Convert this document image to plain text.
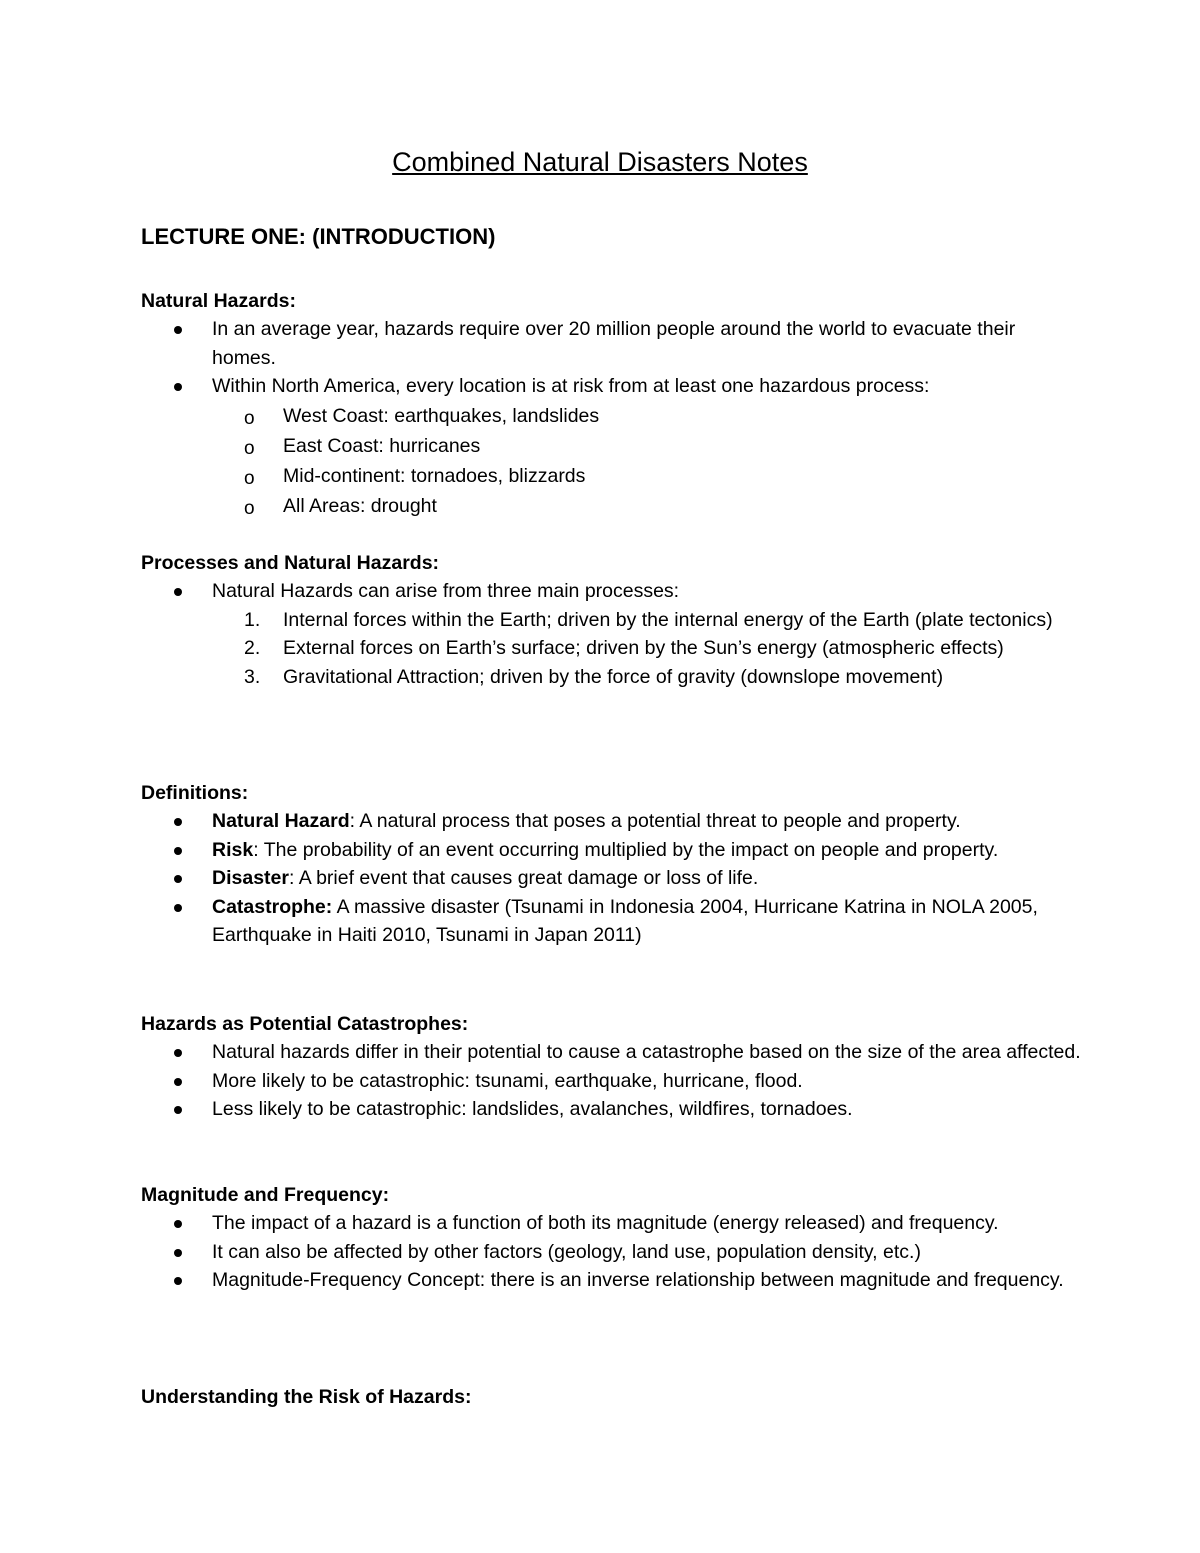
Combined Natural Disasters Notes
LECTURE ONE: (INTRODUCTION)

Natural Hazards:

In an average year, hazards require over 20 million people around the world to evacuate their homes.
Within North America, every location is at risk from at least one hazardous process:
o West Coast: earthquakes, landslides
o East Coast: hurricanes
o Mid-continent: tornadoes, blizzards
o All Areas: drought

Processes and Natural Hazards:

Natural Hazards can arise from three main processes:
1. Internal forces within the Earth; driven by the internal energy of the Earth (plate tectonics)
2. External forces on Earth’s surface; driven by the Sun’s energy (atmospheric effects)
3. Gravitational Attraction; driven by the force of gravity (downslope movement)

Definitions:

Natural Hazard: A natural process that poses a potential threat to people and property.
Risk: The probability of an event occurring multiplied by the impact on people and property.
Disaster: A brief event that causes great damage or loss of life.
Catastrophe: A massive disaster (Tsunami in Indonesia 2004, Hurricane Katrina in NOLA 2005, Earthquake in Haiti 2010, Tsunami in Japan 2011)

Hazards as Potential Catastrophes:

Natural hazards differ in their potential to cause a catastrophe based on the size of the area affected.
More likely to be catastrophic: tsunami, earthquake, hurricane, flood.
Less likely to be catastrophic: landslides, avalanches, wildfires, tornadoes.

Magnitude and Frequency:

The impact of a hazard is a function of both its magnitude (energy released) and frequency.
It can also be affected by other factors (geology, land use, population density, etc.)
Magnitude-Frequency Concept: there is an inverse relationship between magnitude and frequency.

Understanding the Risk of Hazards:
